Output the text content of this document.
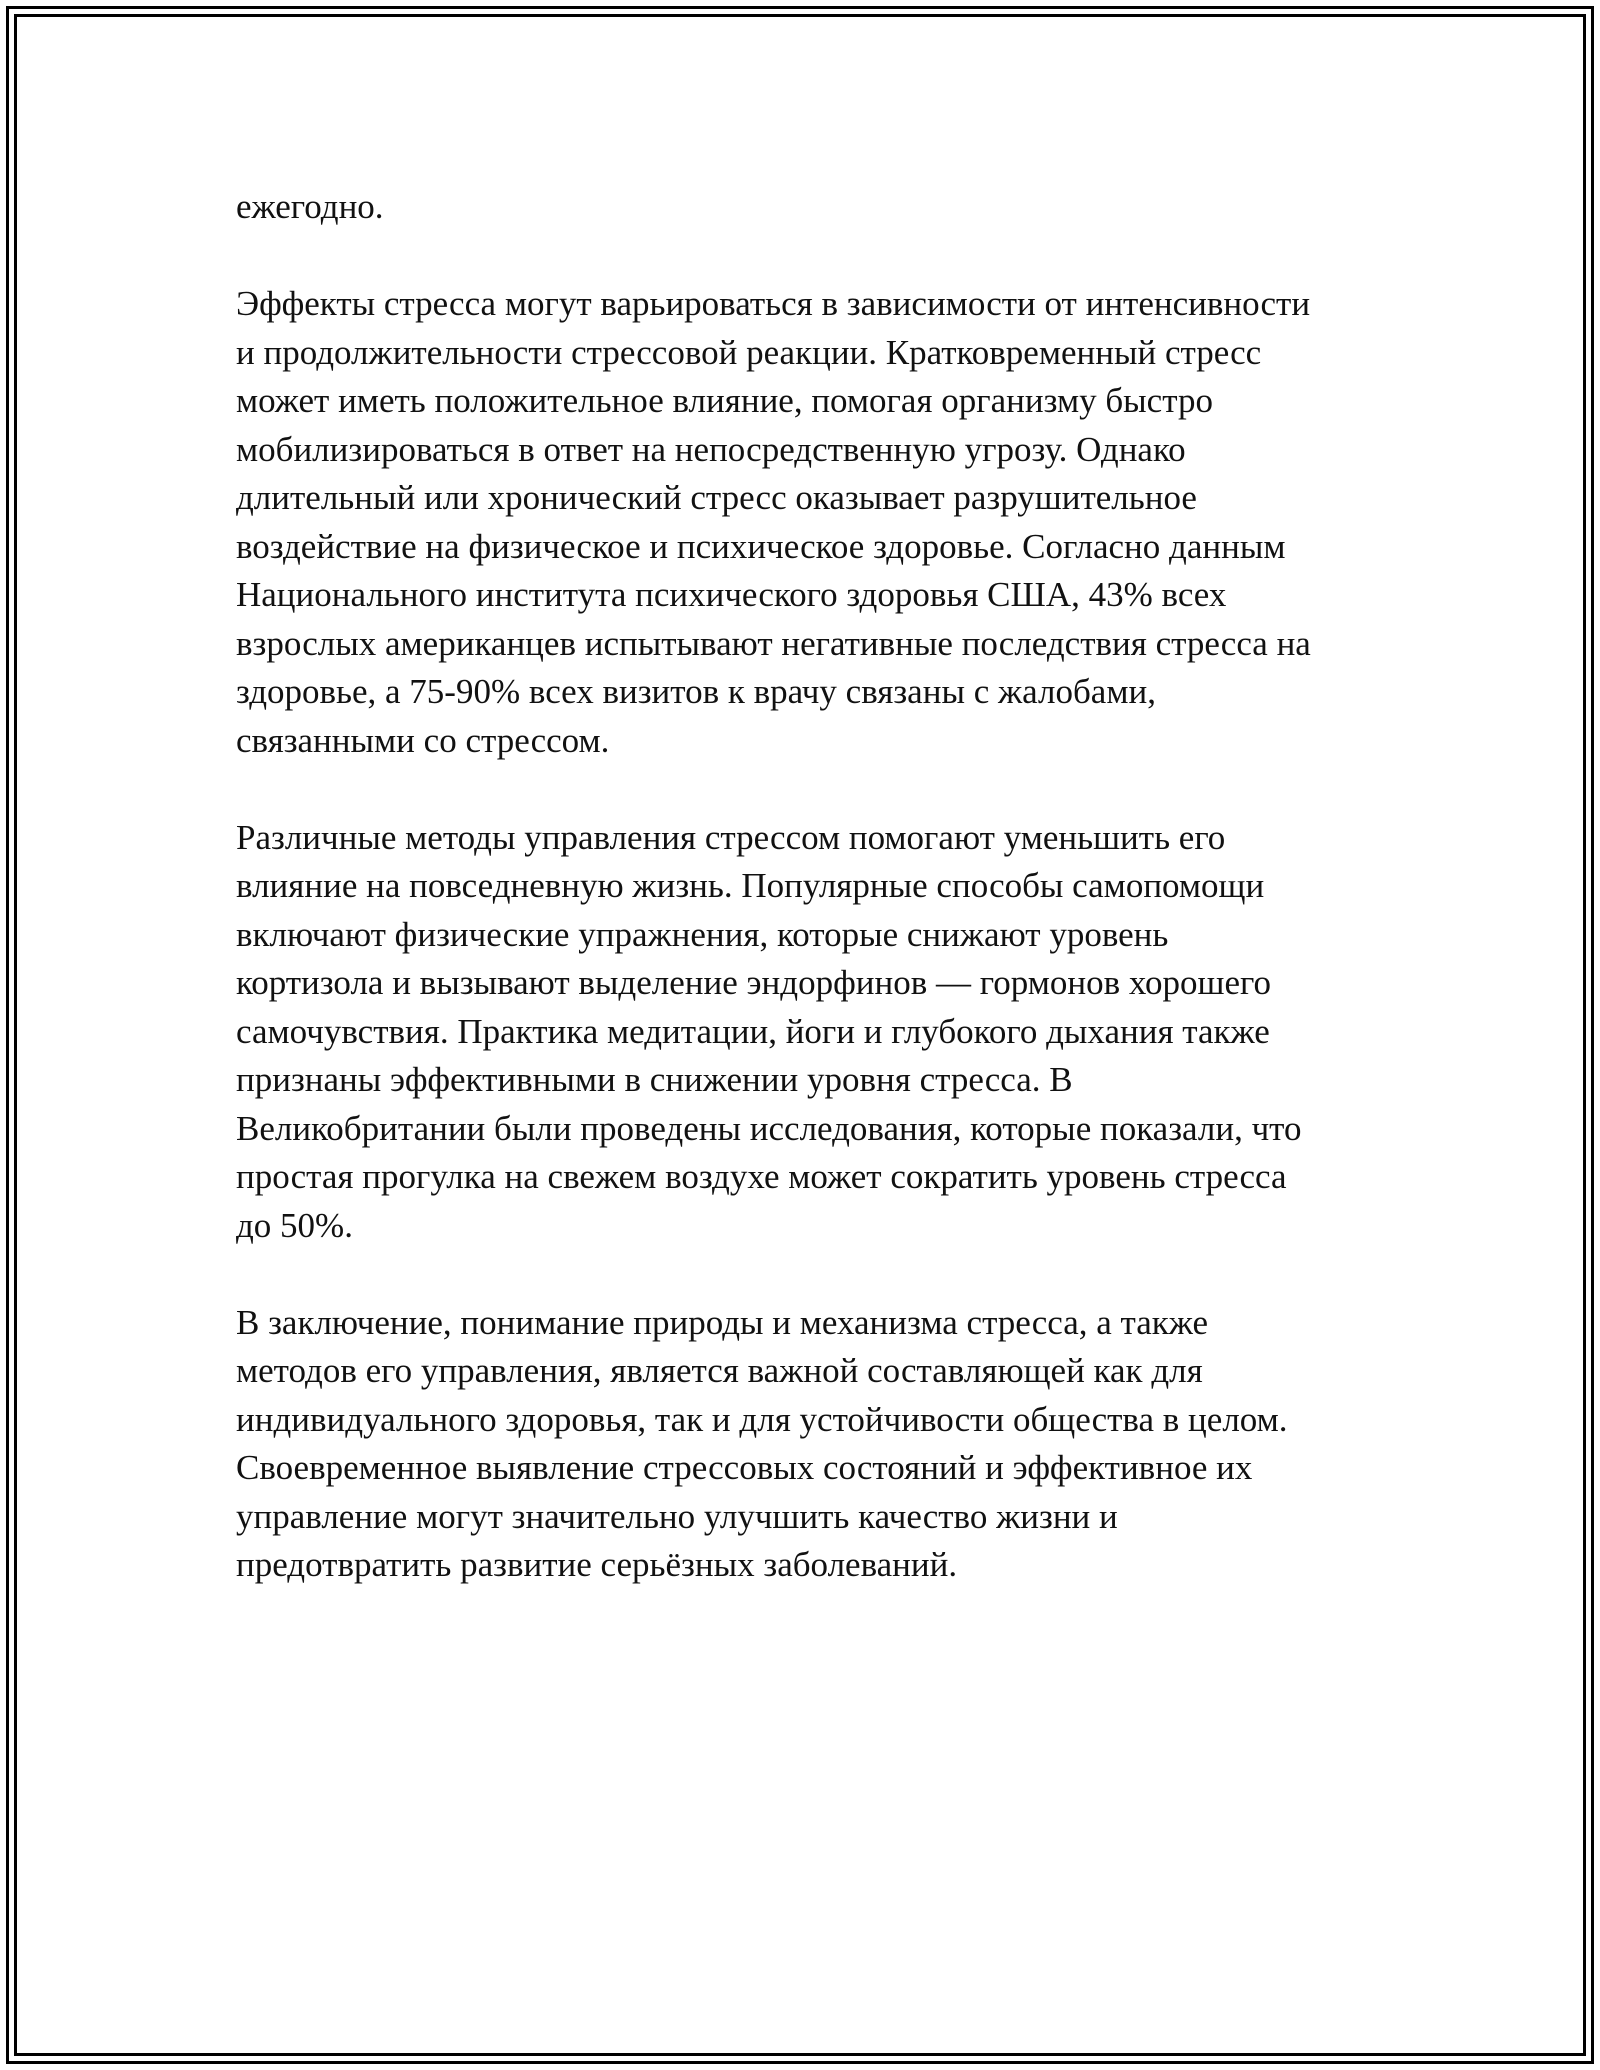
ежегодно.

Эффекты стресса могут варьироваться в зависимости от интенсивности
и продолжительности стрессовой реакции. Кратковременный стресс
может иметь положительное влияние, помогая организму быстро
мобилизироваться в ответ на непосредственную угрозу. Однако
длительный или хронический стресс оказывает разрушительное
воздействие на физическое и психическое здоровье. Согласно данным
Национального института психического здоровья США, 43% всех
взрослых американцев испытывают негативные последствия стресса на
здоровье, а 75-90% всех визитов к врачу связаны с жалобами,
связанными со стрессом.

Различные методы управления стрессом помогают уменьшить его
влияние на повседневную жизнь. Популярные способы самопомощи
включают физические упражнения, которые снижают уровень
кортизола и вызывают выделение эндорфинов — гормонов хорошего
самочувствия. Практика медитации, йоги и глубокого дыхания также
признаны эффективными в снижении уровня стресса. В
Великобритании были проведены исследования, которые показали, что
простая прогулка на свежем воздухе может сократить уровень стресса
до 50%.

В заключение, понимание природы и механизма стресса, а также
методов его управления, является важной составляющей как для
индивидуального здоровья, так и для устойчивости общества в целом.
Своевременное выявление стрессовых состояний и эффективное их
управление могут значительно улучшить качество жизни и
предотвратить развитие серьёзных заболеваний.
